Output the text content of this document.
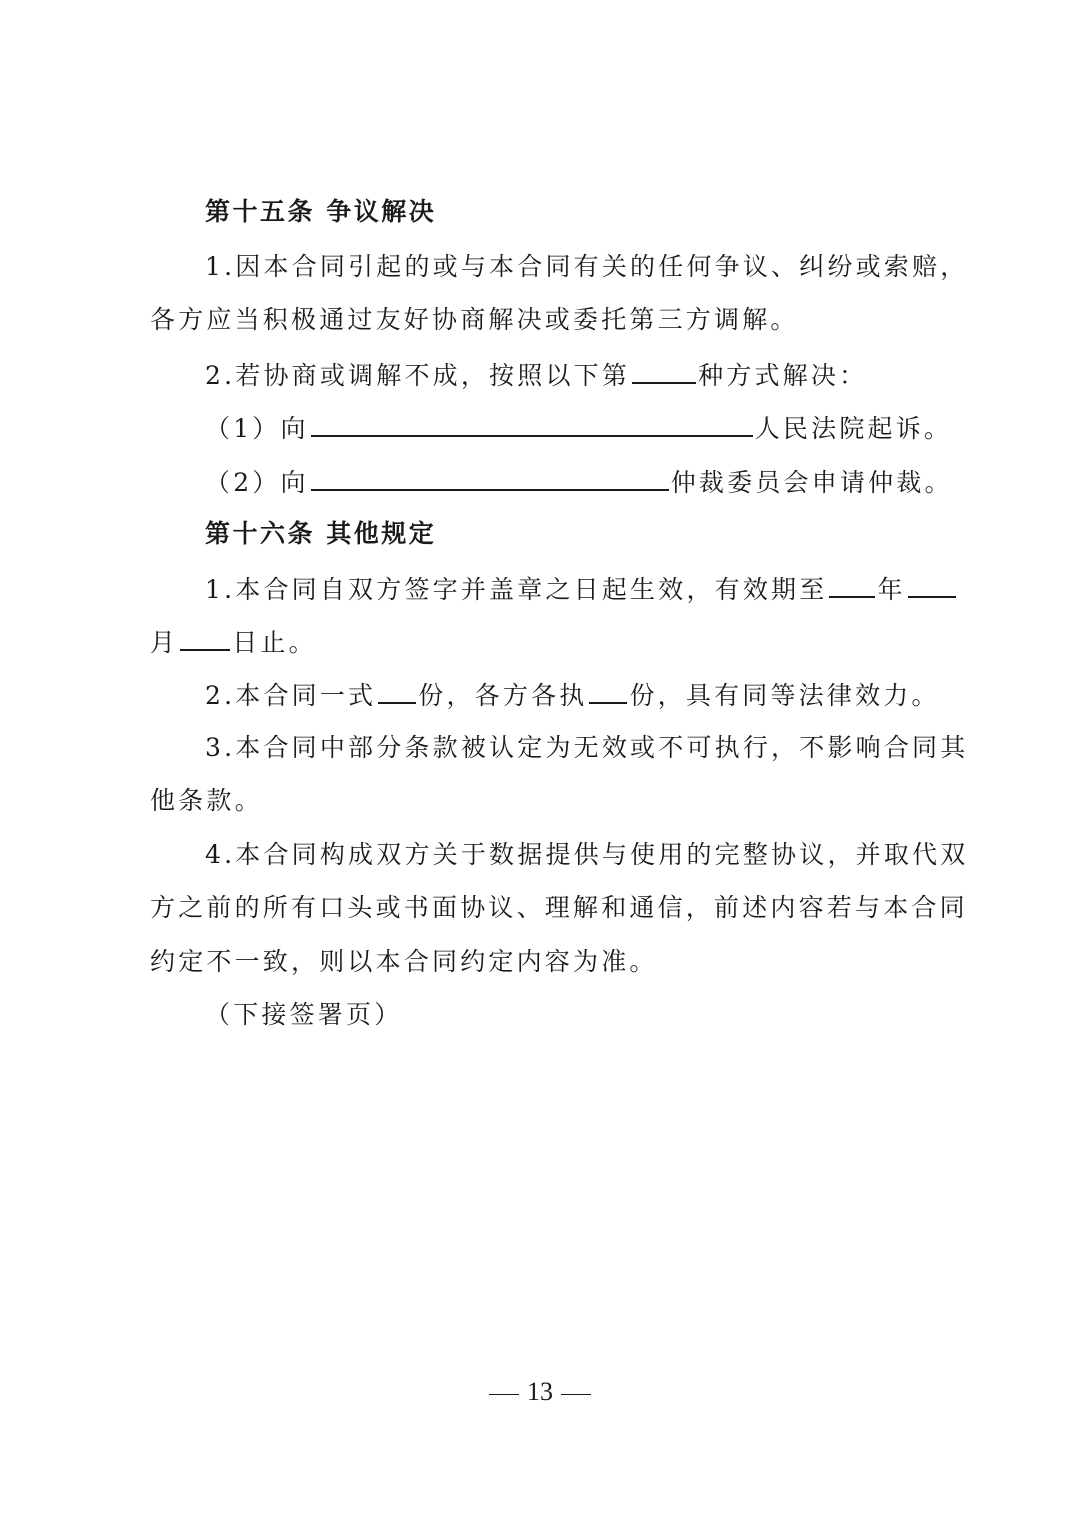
第十五条 争议解决
1.因本合同引起的或与本合同有关的任何争议、纠纷或索赔，
各方应当积极通过友好协商解决或委托第三方调解。
2.若协商或调解不成，按照以下第	种方式解决：
（1）向	人民法院起诉。
（2）向	仲裁委员会申请仲裁。
第十六条 其他规定
1.本合同自双方签字并盖章之日起生效，有效期至 年
月 日止。
2.本合同一式 份，各方各执 份，具有同等法律效力。
3.本合同中部分条款被认定为无效或不可执行，不影响合同其
他条款。
4.本合同构成双方关于数据提供与使用的完整协议，并取代双
方之前的所有口头或书面协议、理解和通信，前述内容若与本合同
约定不一致，则以本合同约定内容为准。
（下接签署页）
13
